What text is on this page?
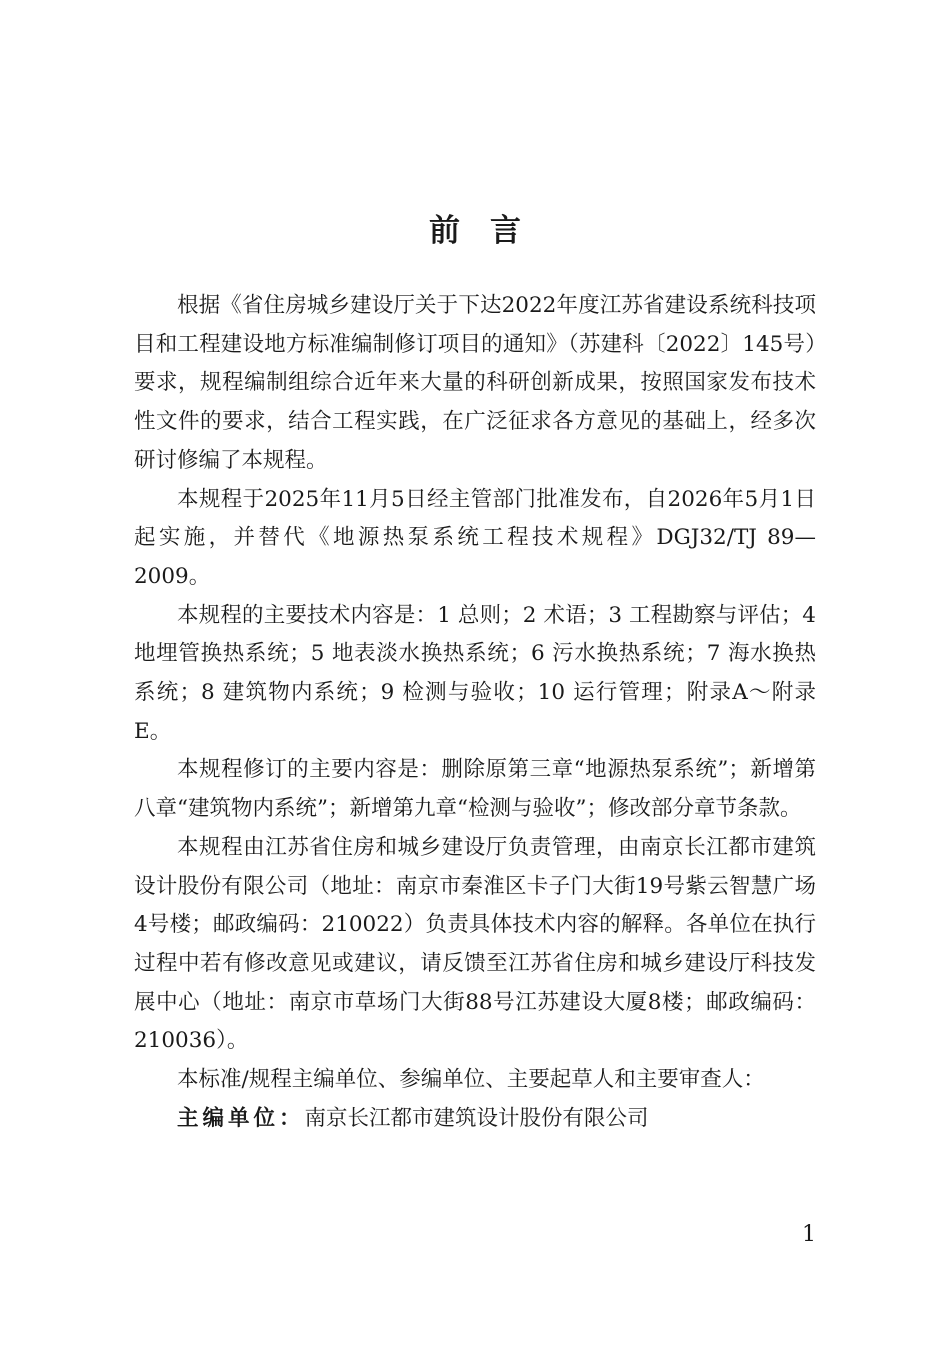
前言

根据《省住房城乡建设厅关于下达2022年度江苏省建设系统科技项目和工程建设地方标准编制修订项目的通知》（苏建科〔2022〕145号）要求，规程编制组综合近年来大量的科研创新成果，按照国家发布技术性文件的要求，结合工程实践，在广泛征求各方意见的基础上，经多次研讨修编了本规程。

本规程于2025年11月5日经主管部门批准发布，自2026年5月1日起实施，并替代《地源热泵系统工程技术规程》DGJ32/TJ 89—2009。

本规程的主要技术内容是：1 总则；2 术语；3 工程勘察与评估；4 地埋管换热系统；5 地表淡水换热系统；6 污水换热系统；7 海水换热系统；8 建筑物内系统；9 检测与验收；10 运行管理；附录A～附录E。

本规程修订的主要内容是：删除原第三章“地源热泵系统”；新增第八章“建筑物内系统”；新增第九章“检测与验收”；修改部分章节条款。

本规程由江苏省住房和城乡建设厅负责管理，由南京长江都市建筑设计股份有限公司（地址：南京市秦淮区卡子门大街19号紫云智慧广场4号楼；邮政编码：210022）负责具体技术内容的解释。各单位在执行过程中若有修改意见或建议，请反馈至江苏省住房和城乡建设厅科技发展中心（地址：南京市草场门大街88号江苏建设大厦8楼；邮政编码：210036）。

本标准/规程主编单位、参编单位、主要起草人和主要审查人：

主编单位：南京长江都市建筑设计股份有限公司

1
